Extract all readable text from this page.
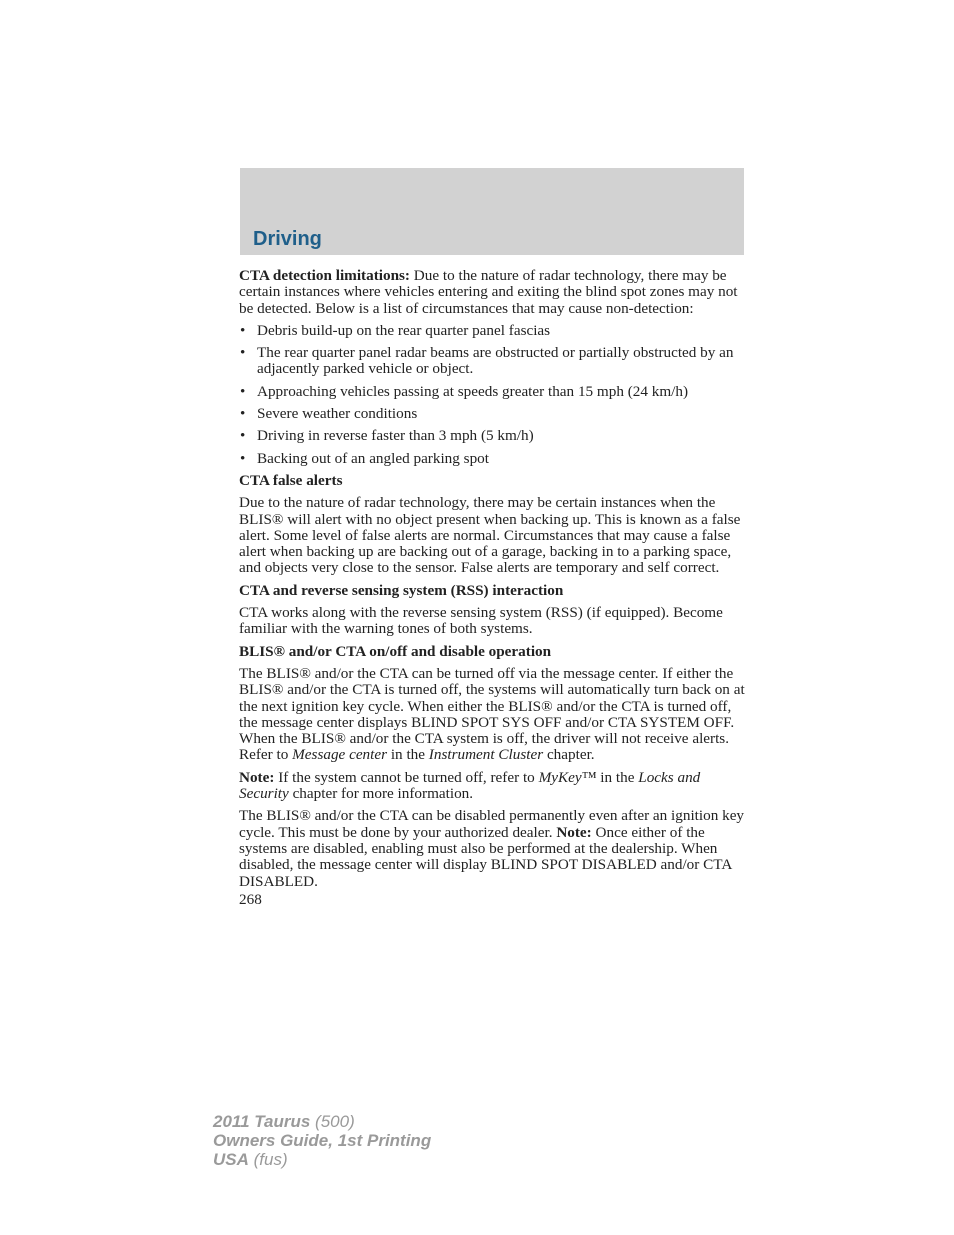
Driving

CTA detection limitations: Due to the nature of radar technology, there may be certain instances where vehicles entering and exiting the blind spot zones may not be detected. Below is a list of circumstances that may cause non-detection:

• Debris build-up on the rear quarter panel fascias
• The rear quarter panel radar beams are obstructed or partially obstructed by an adjacently parked vehicle or object.
• Approaching vehicles passing at speeds greater than 15 mph (24 km/h)
• Severe weather conditions
• Driving in reverse faster than 3 mph (5 km/h)
• Backing out of an angled parking spot
CTA false alerts

Due to the nature of radar technology, there may be certain instances when the BLIS® will alert with no object present when backing up. This is known as a false alert. Some level of false alerts are normal. Circumstances that may cause a false alert when backing up are backing out of a garage, backing in to a parking space, and objects very close to the sensor. False alerts are temporary and self correct.

CTA and reverse sensing system (RSS) interaction

CTA works along with the reverse sensing system (RSS) (if equipped). Become familiar with the warning tones of both systems.

BLIS® and/or CTA on/off and disable operation

The BLIS® and/or the CTA can be turned off via the message center. If either the BLIS® and/or the CTA is turned off, the systems will automatically turn back on at the next ignition key cycle. When either the BLIS® and/or the CTA is turned off, the message center displays BLIND SPOT SYS OFF and/or CTA SYSTEM OFF. When the BLIS® and/or the CTA system is off, the driver will not receive alerts. Refer to Message center in the Instrument Cluster chapter.

Note: If the system cannot be turned off, refer to MyKey™ in the Locks and Security chapter for more information.

The BLIS® and/or the CTA can be disabled permanently even after an ignition key cycle. This must be done by your authorized dealer. Note: Once either of the systems are disabled, enabling must also be performed at the dealership. When disabled, the message center will display BLIND SPOT DISABLED and/or CTA DISABLED.

268
2011 Taurus (500)
Owners Guide, 1st Printing
USA (fus)
